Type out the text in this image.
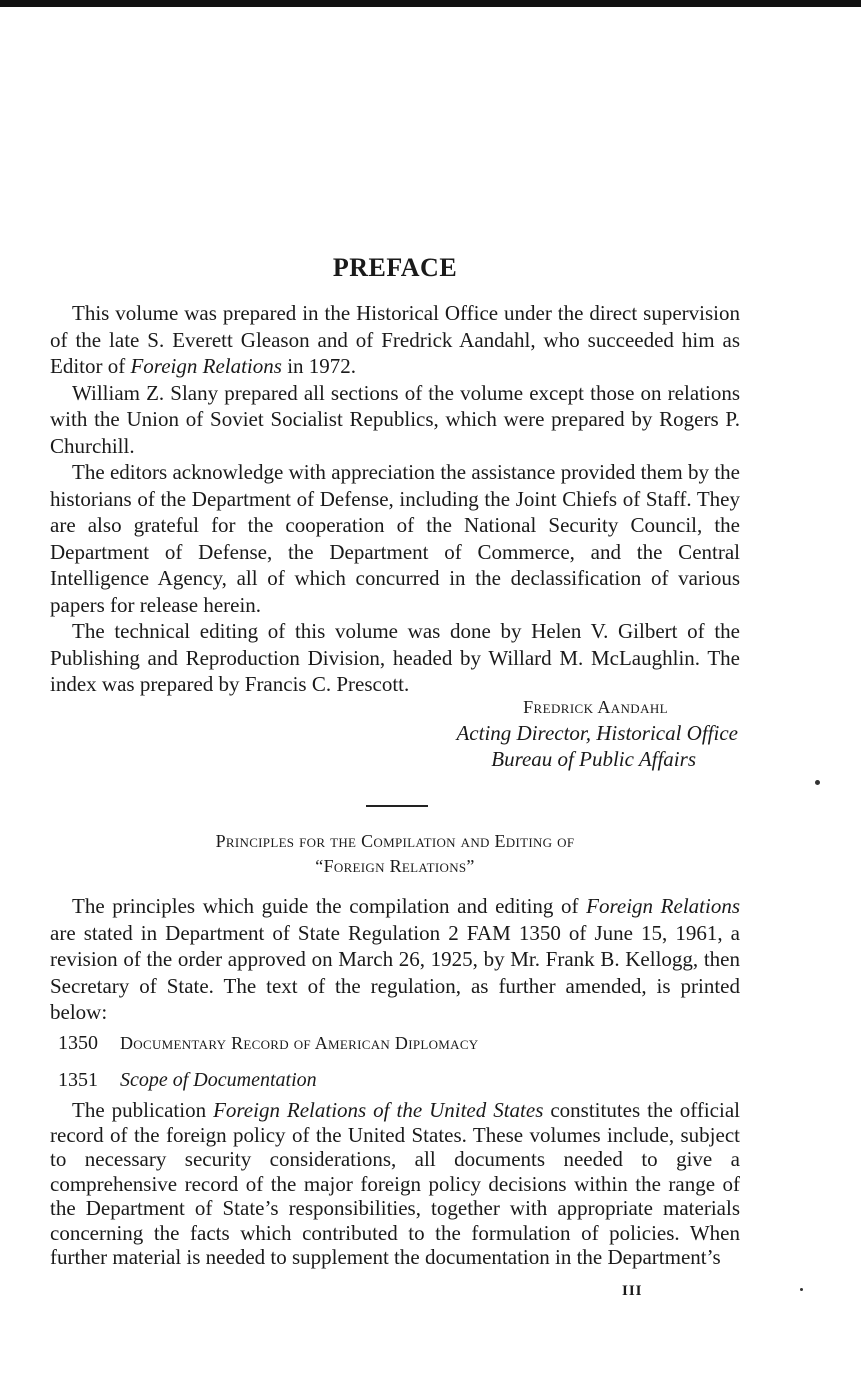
PREFACE

This volume was prepared in the Historical Office under the direct supervision of the late S. Everett Gleason and of Fredrick Aandahl, who succeeded him as Editor of Foreign Relations in 1972.

William Z. Slany prepared all sections of the volume except those on relations with the Union of Soviet Socialist Republics, which were prepared by Rogers P. Churchill.

The editors acknowledge with appreciation the assistance provided them by the historians of the Department of Defense, including the Joint Chiefs of Staff. They are also grateful for the cooperation of the National Security Council, the Department of Defense, the Department of Commerce, and the Central Intelligence Agency, all of which concurred in the declassification of various papers for release herein.

The technical editing of this volume was done by Helen V. Gilbert of the Publishing and Reproduction Division, headed by Willard M. McLaughlin. The index was prepared by Francis C. Prescott.

Fredrick Aandahl
Acting Director, Historical Office
Bureau of Public Affairs
Principles for the Compilation and Editing of
“Foreign Relations”

The principles which guide the compilation and editing of Foreign Relations are stated in Department of State Regulation 2 FAM 1350 of June 15, 1961, a revision of the order approved on March 26, 1925, by Mr. Frank B. Kellogg, then Secretary of State. The text of the regulation, as further amended, is printed below:

1350 Documentary Record of American Diplomacy
1351 Scope of Documentation

The publication Foreign Relations of the United States constitutes the official record of the foreign policy of the United States. These volumes include, subject to necessary security considerations, all documents needed to give a comprehensive record of the major foreign policy decisions within the range of the Department of State’s responsibilities, together with appropriate materials concerning the facts which contributed to the formulation of policies. When further material is needed to supplement the documentation in the Department’s

III
